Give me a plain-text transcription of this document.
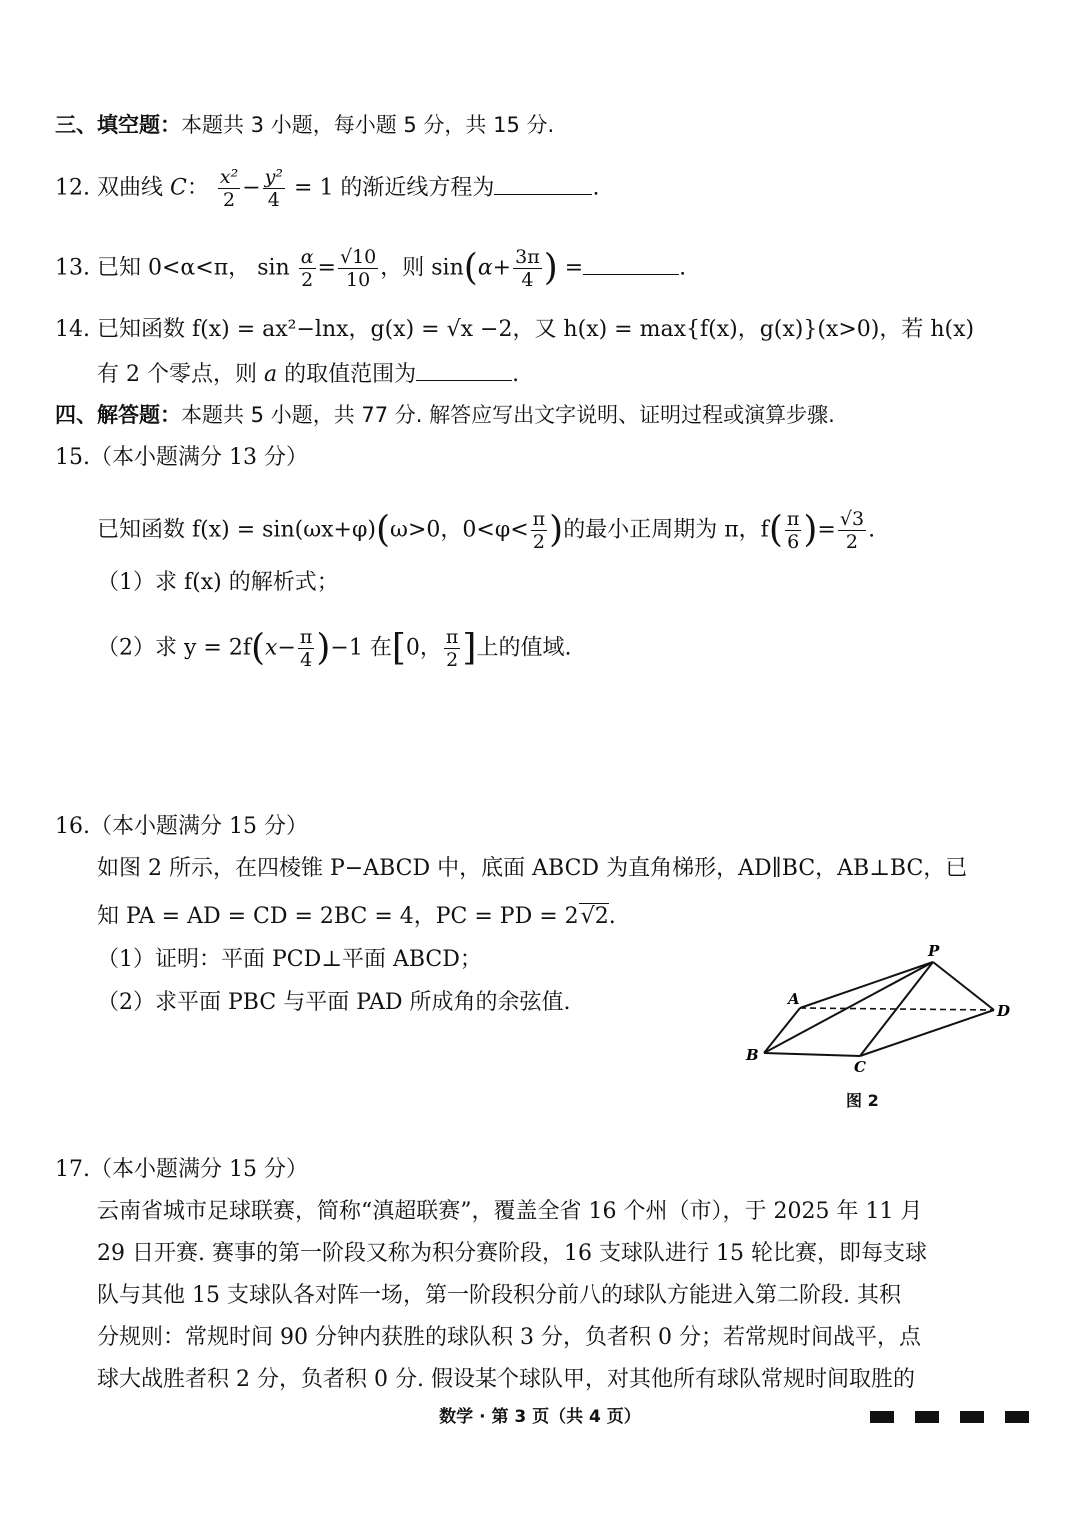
三、填空题：本题共 3 小题，每小题 5 分，共 15 分.
12. 双曲线 C： $\frac{\text{x²}}{2} - \frac{\text{y²}}{4} = 1$ 的渐近线方程为	.
13. 已知 0<α<π， $\sin \frac{\alpha}{2} = \frac{√10}{10}$ ，则 $\sin(\alpha+ \frac{3\pi}{4}$ ) =	.
14. 已知函数 f(x) = ax²−lnx，g(x) = √x −2，又 h(x) = max{f(x)，g(x)}(x>0)，若 h(x)
有 2 个零点，则 a 的取值范围为	.
四、解答题：本题共 5 小题，共 77 分. 解答应写出文字说明、证明过程或演算步骤.
15.（本小题满分 13 分）
已知函数 f(x) = sin(ωx+φ)(ω>0，$0<\varphi< \frac{\pi}{2}$ )的最小正周期为 π，$f( \frac{\pi}{6}$ )= $\frac{√3}{2}$ .
（1）求 f(x) 的解析式；
（2）求 $y = 2f(x- \frac{\pi}{4} )-1$ 在[0， $\frac{\pi}{2}$ ]上的值域.
16.（本小题满分 15 分）
如图 2 所示，在四棱锥 P−ABCD 中，底面 ABCD 为直角梯形，AD∥BC，AB⊥BC，已
知 PA = AD = CD = 2BC = 4，PC = PD = 2√2.
（1）证明：平面 PCD⊥平面 ABCD；
（2）求平面 PBC 与平面 PAD 所成角的余弦值.
P
A
D
B
C
图 2
17.（本小题满分 15 分）
云南省城市足球联赛，简称“滇超联赛”，覆盖全省 16 个州（市），于 2025 年 11 月
29 日开赛. 赛事的第一阶段又称为积分赛阶段，16 支球队进行 15 轮比赛，即每支球
队与其他 15 支球队各对阵一场，第一阶段积分前八的球队方能进入第二阶段. 其积
分规则：常规时间 90 分钟内获胜的球队积 3 分，负者积 0 分；若常规时间战平，点
球大战胜者积 2 分，负者积 0 分. 假设某个球队甲，对其他所有球队常规时间取胜的
数学 · 第 3 页（共 4 页）
